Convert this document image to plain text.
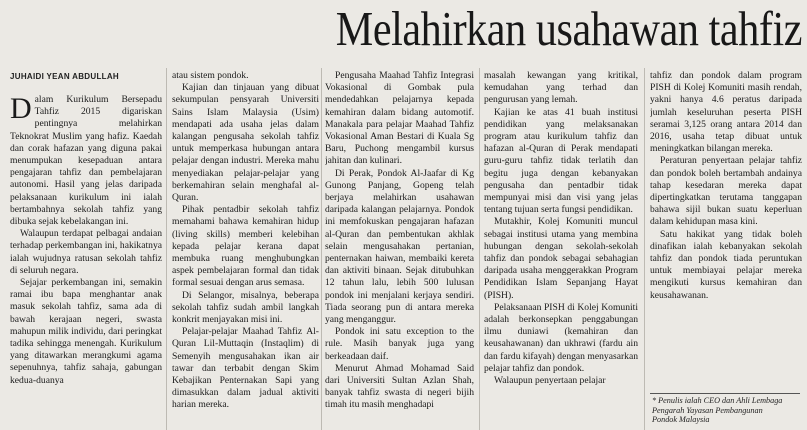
Melahirkan usahawan tahfiz
JUHAIDI YEAN ABDULLAH

Dalam Kurikulum Bersepadu Tahfiz 2015 digariskan pentingnya melahirkan Teknokrat Muslim yang hafiz. Kaedah dan corak hafazan yang diguna pakai menumpukan kesepaduan antara pengajaran tahfiz dan pembelajaran autonomi. Hasil yang jelas daripada pelaksanaan kurikulum ini ialah bertambahnya sekolah tahfiz yang dibuka sejak kebelakangan ini.

Walaupun terdapat pelbagai andaian terhadap perkembangan ini, hakikatnya ialah wujudnya ratusan sekolah tahfiz di seluruh negara.

Sejajar perkembangan ini, semakin ramai ibu bapa menghantar anak masuk sekolah tahfiz, sama ada di bawah kerajaan negeri, swasta mahupun milik individu, dari peringkat tadika sehingga menengah. Kurikulum yang ditawarkan merangkumi agama sepenuhnya, tahfiz sahaja, gabungan kedua-duanya

atau sistem pondok.

Kajian dan tinjauan yang dibuat sekumpulan pensyarah Universiti Sains Islam Malaysia (Usim) mendapati ada usaha jelas dalam kalangan pengusaha sekolah tahfiz untuk memperkasa hubungan antara pelajar dengan industri. Mereka mahu menyediakan pelajar-pelajar yang berkemahiran selain menghafal al-Quran.

Pihak pentadbir sekolah tahfiz memahami bahawa kemahiran hidup (living skills) memberi kelebihan kepada pelajar kerana dapat membuka ruang menghubungkan aspek pembelajaran formal dan tidak formal sesuai dengan arus semasa.

Di Selangor, misalnya, beberapa sekolah tahfiz sudah ambil langkah konkrit menjayakan misi ini.

Pelajar-pelajar Maahad Tahfiz Al-Quran Lil-Muttaqin (Instaqlim) di Semenyih mengusahakan ikan air tawar dan terbabit dengan Skim Kebajikan Penternakan Sapi yang dimasukkan dalam jadual aktiviti harian mereka.

Pengusaha Maahad Tahfiz Integrasi Vokasional di Gombak pula mendedahkan pelajarnya kepada kemahiran dalam bidang automotif. Manakala para pelajar Maahad Tahfiz Vokasional Aman Bestari di Kuala Sg Baru, Puchong mengambil kursus jahitan dan kulinari.

Di Perak, Pondok Al-Jaafar di Kg Gunong Panjang, Gopeng telah berjaya melahirkan usahawan daripada kalangan pelajarnya. Pondok ini memfokuskan pengajaran hafazan al-Quran dan pembentukan akhlak selain mengusahakan pertanian, penternakan haiwan, membaiki kereta dan aktiviti binaan. Sejak ditubuhkan 12 tahun lalu, lebih 500 lulusan pondok ini menjalani kerjaya sendiri. Tiada seorang pun di antara mereka yang menganggur.

Pondok ini satu exception to the rule. Masih banyak juga yang berkeadaan daif.

Menurut Ahmad Mohamad Said dari Universiti Sultan Azlan Shah, banyak tahfiz swasta di negeri bijih timah itu masih menghadapi

masalah kewangan yang kritikal, kemudahan yang terhad dan pengurusan yang lemah.

Kajian ke atas 41 buah institusi pendidikan yang melaksanakan program atau kurikulum tahfiz dan hafazan al-Quran di Perak mendapati guru-guru tahfiz tidak terlatih dan begitu juga dengan kebanyakan pengusaha dan pentadbir tidak mempunyai misi dan visi yang jelas tentang tujuan serta fungsi pendidikan.

Mutakhir, Kolej Komuniti muncul sebagai institusi utama yang membina hubungan dengan sekolah-sekolah tahfiz dan pondok sebagai sebahagian daripada usaha menggerakkan Program Pendidikan Islam Sepanjang Hayat (PISH).

Pelaksanaan PISH di Kolej Komuniti adalah berkonsepkan penggabungan ilmu duniawi (kemahiran dan keusahawanan) dan ukhrawi (fardu ain dan fardu kifayah) dengan menyasarkan pelajar tahfiz dan pondok.

Walaupun penyertaan pelajar

tahfiz dan pondok dalam program PISH di Kolej Komuniti masih rendah, yakni hanya 4.6 peratus daripada jumlah keseluruhan peserta PISH seramai 3,125 orang antara 2014 dan 2016, usaha tetap dibuat untuk meningkatkan bilangan mereka.

Peraturan penyertaan pelajar tahfiz dan pondok boleh bertambah andainya tahap kesedaran mereka dapat dipertingkatkan terutama tanggapan bahawa sijil bukan suatu keperluan dalam kehidupan masa kini.

Satu hakikat yang tidak boleh dinafikan ialah kebanyakan sekolah tahfiz dan pondok tiada peruntukan untuk membiayai pelajar mereka mengikuti kursus kemahiran dan keusahawanan.

* Penulis ialah CEO dan Ahli Lembaga
Pengarah Yayasan Pembangunan
Pondok Malaysia
